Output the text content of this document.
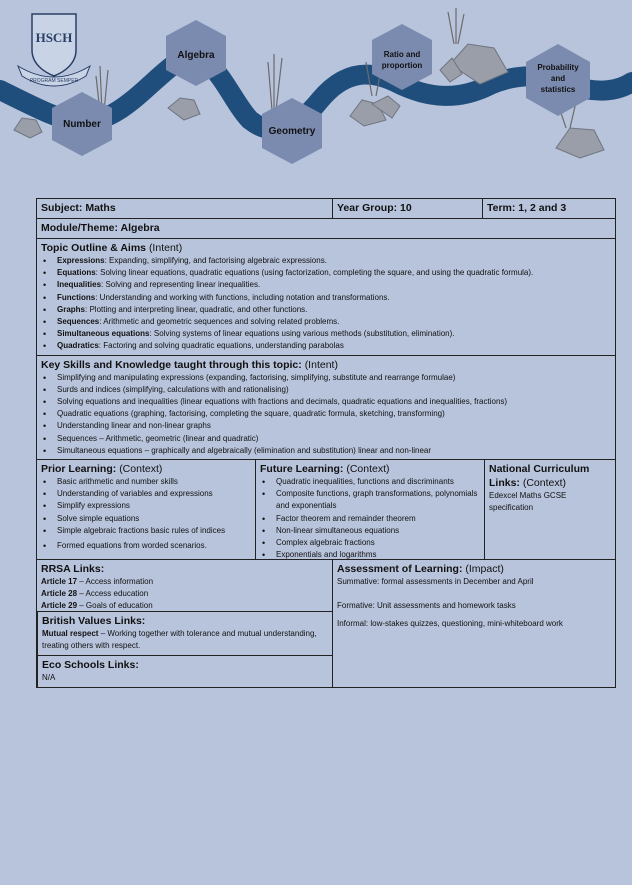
HSCH
PROGRAM SEMPER
Number
Algebra
Geometry
Ratio and proportion	Probability and statistics
Subject: Maths	Year Group: 10	Term: 1, 2 and 3
Module/Theme: Algebra
Topic Outline & Aims (Intent)
• Expressions: Expanding, simplifying, and factorising algebraic expressions.
• Equations: Solving linear equations, quadratic equations (using factorization, completing the square, and using the quadratic formula).
• Inequalities: Solving and representing linear inequalities.
• Functions: Understanding and working with functions, including notation and transformations.
• Graphs: Plotting and interpreting linear, quadratic, and other functions.
• Sequences: Arithmetic and geometric sequences and solving related problems.
• Simultaneous equations: Solving systems of linear equations using various methods (substitution, elimination).
• Quadratics: Factoring and solving quadratic equations, understanding parabolas
Key Skills and Knowledge taught through this topic: (Intent)
• Simplifying and manipulating expressions (expanding, factorising, simplifying, substitute and rearrange formulae)
• Surds and indices (simplifying, calculations with and rationalising)
• Solving equations and inequalities (linear equations with fractions and decimals, quadratic equations and inequalities, fractions)
• Quadratic equations (graphing, factorising, completing the square, quadratic formula, sketching, transforming)
• Understanding linear and non-linear graphs
• Sequences – Arithmetic, geometric (linear and quadratic)
• Simultaneous equations – graphically and algebraically (elimination and substitution) linear and non-linear
Prior Learning: (Context)
• Basic arithmetic and number skills
• Understanding of variables and expressions
• Simplify expressions
• Solve simple equations
• Simple algebraic fractions basic rules of indices
• Formed equations from worded scenarios.
Future Learning: (Context)
• Quadratic inequalities, functions and discriminants
• Composite functions, graph transformations, polynomials and exponentials
• Factor theorem and remainder theorem
• Non-linear simultaneous equations
• Complex algebraic fractions
• Exponentials and logarithms
National Curriculum Links: (Context)
Edexcel Maths GCSE specification
RRSA Links:
Article 17 – Access information
Article 28 – Access education
Article 29 – Goals of education
British Values Links:
Mutual respect – Working together with tolerance and mutual understanding, treating others with respect.
Eco Schools Links:
N/A
Assessment of Learning: (Impact)
Summative: formal assessments in December and April
Formative: Unit assessments and homework tasks
Informal: low-stakes quizzes, questioning, mini-whiteboard work
